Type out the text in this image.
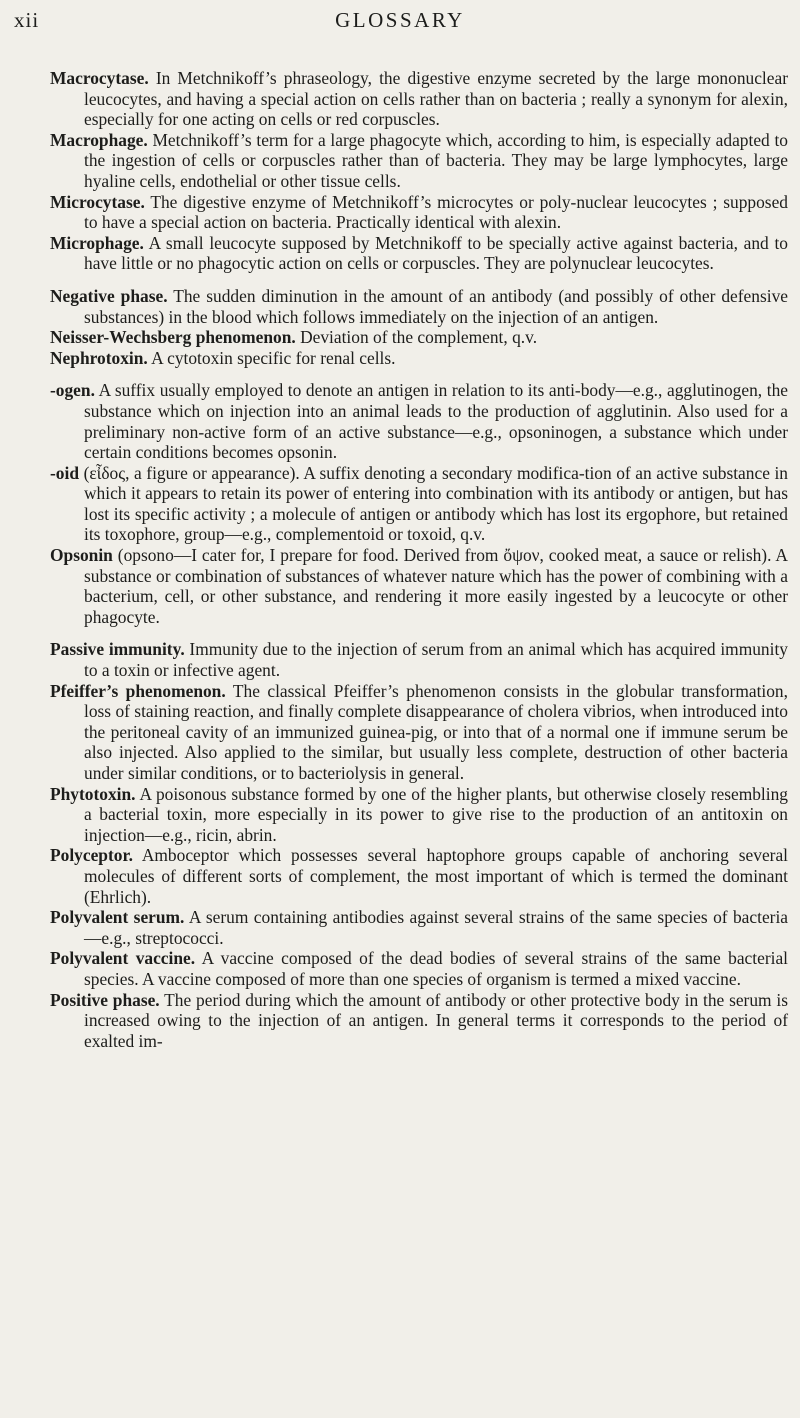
xii	GLOSSARY

Macrocytase. In Metchnikoff’s phraseology, the digestive enzyme secreted by the large mononuclear leucocytes, and having a special action on cells rather than on bacteria ; really a synonym for alexin, especially for one acting on cells or red corpuscles.

Macrophage. Metchnikoff’s term for a large phagocyte which, according to him, is especially adapted to the ingestion of cells or corpuscles rather than of bacteria. They may be large lymphocytes, large hyaline cells, endothelial or other tissue cells.

Microcytase. The digestive enzyme of Metchnikoff’s microcytes or poly-nuclear leucocytes ; supposed to have a special action on bacteria. Practically identical with alexin.

Microphage. A small leucocyte supposed by Metchnikoff to be specially active against bacteria, and to have little or no phagocytic action on cells or corpuscles. They are polynuclear leucocytes.

Negative phase. The sudden diminution in the amount of an antibody (and possibly of other defensive substances) in the blood which follows immediately on the injection of an antigen.

Neisser-Wechsberg phenomenon. Deviation of the complement, q.v.

Nephrotoxin. A cytotoxin specific for renal cells.

-ogen. A suffix usually employed to denote an antigen in relation to its anti-body—e.g., agglutinogen, the substance which on injection into an animal leads to the production of agglutinin. Also used for a preliminary non-active form of an active substance—e.g., opsoninogen, a substance which under certain conditions becomes opsonin.

-oid (εἶδος, a figure or appearance). A suffix denoting a secondary modifica-tion of an active substance in which it appears to retain its power of entering into combination with its antibody or antigen, but has lost its specific activity ; a molecule of antigen or antibody which has lost its ergophore, but retained its toxophore, group—e.g., complementoid or toxoid, q.v.

Opsonin (opsono—I cater for, I prepare for food. Derived from ὄψον, cooked meat, a sauce or relish). A substance or combination of substances of whatever nature which has the power of combining with a bacterium, cell, or other substance, and rendering it more easily ingested by a leucocyte or other phagocyte.

Passive immunity. Immunity due to the injection of serum from an animal which has acquired immunity to a toxin or infective agent.

Pfeiffer’s phenomenon. The classical Pfeiffer’s phenomenon consists in the globular transformation, loss of staining reaction, and finally complete disappearance of cholera vibrios, when introduced into the peritoneal cavity of an immunized guinea-pig, or into that of a normal one if immune serum be also injected. Also applied to the similar, but usually less complete, destruction of other bacteria under similar conditions, or to bacteriolysis in general.

Phytotoxin. A poisonous substance formed by one of the higher plants, but otherwise closely resembling a bacterial toxin, more especially in its power to give rise to the production of an antitoxin on injection—e.g., ricin, abrin.

Polyceptor. Amboceptor which possesses several haptophore groups capable of anchoring several molecules of different sorts of complement, the most important of which is termed the dominant (Ehrlich).

Polyvalent serum. A serum containing antibodies against several strains of the same species of bacteria—e.g., streptococci.

Polyvalent vaccine. A vaccine composed of the dead bodies of several strains of the same bacterial species. A vaccine composed of more than one species of organism is termed a mixed vaccine.

Positive phase. The period during which the amount of antibody or other protective body in the serum is increased owing to the injection of an antigen. In general terms it corresponds to the period of exalted im-
